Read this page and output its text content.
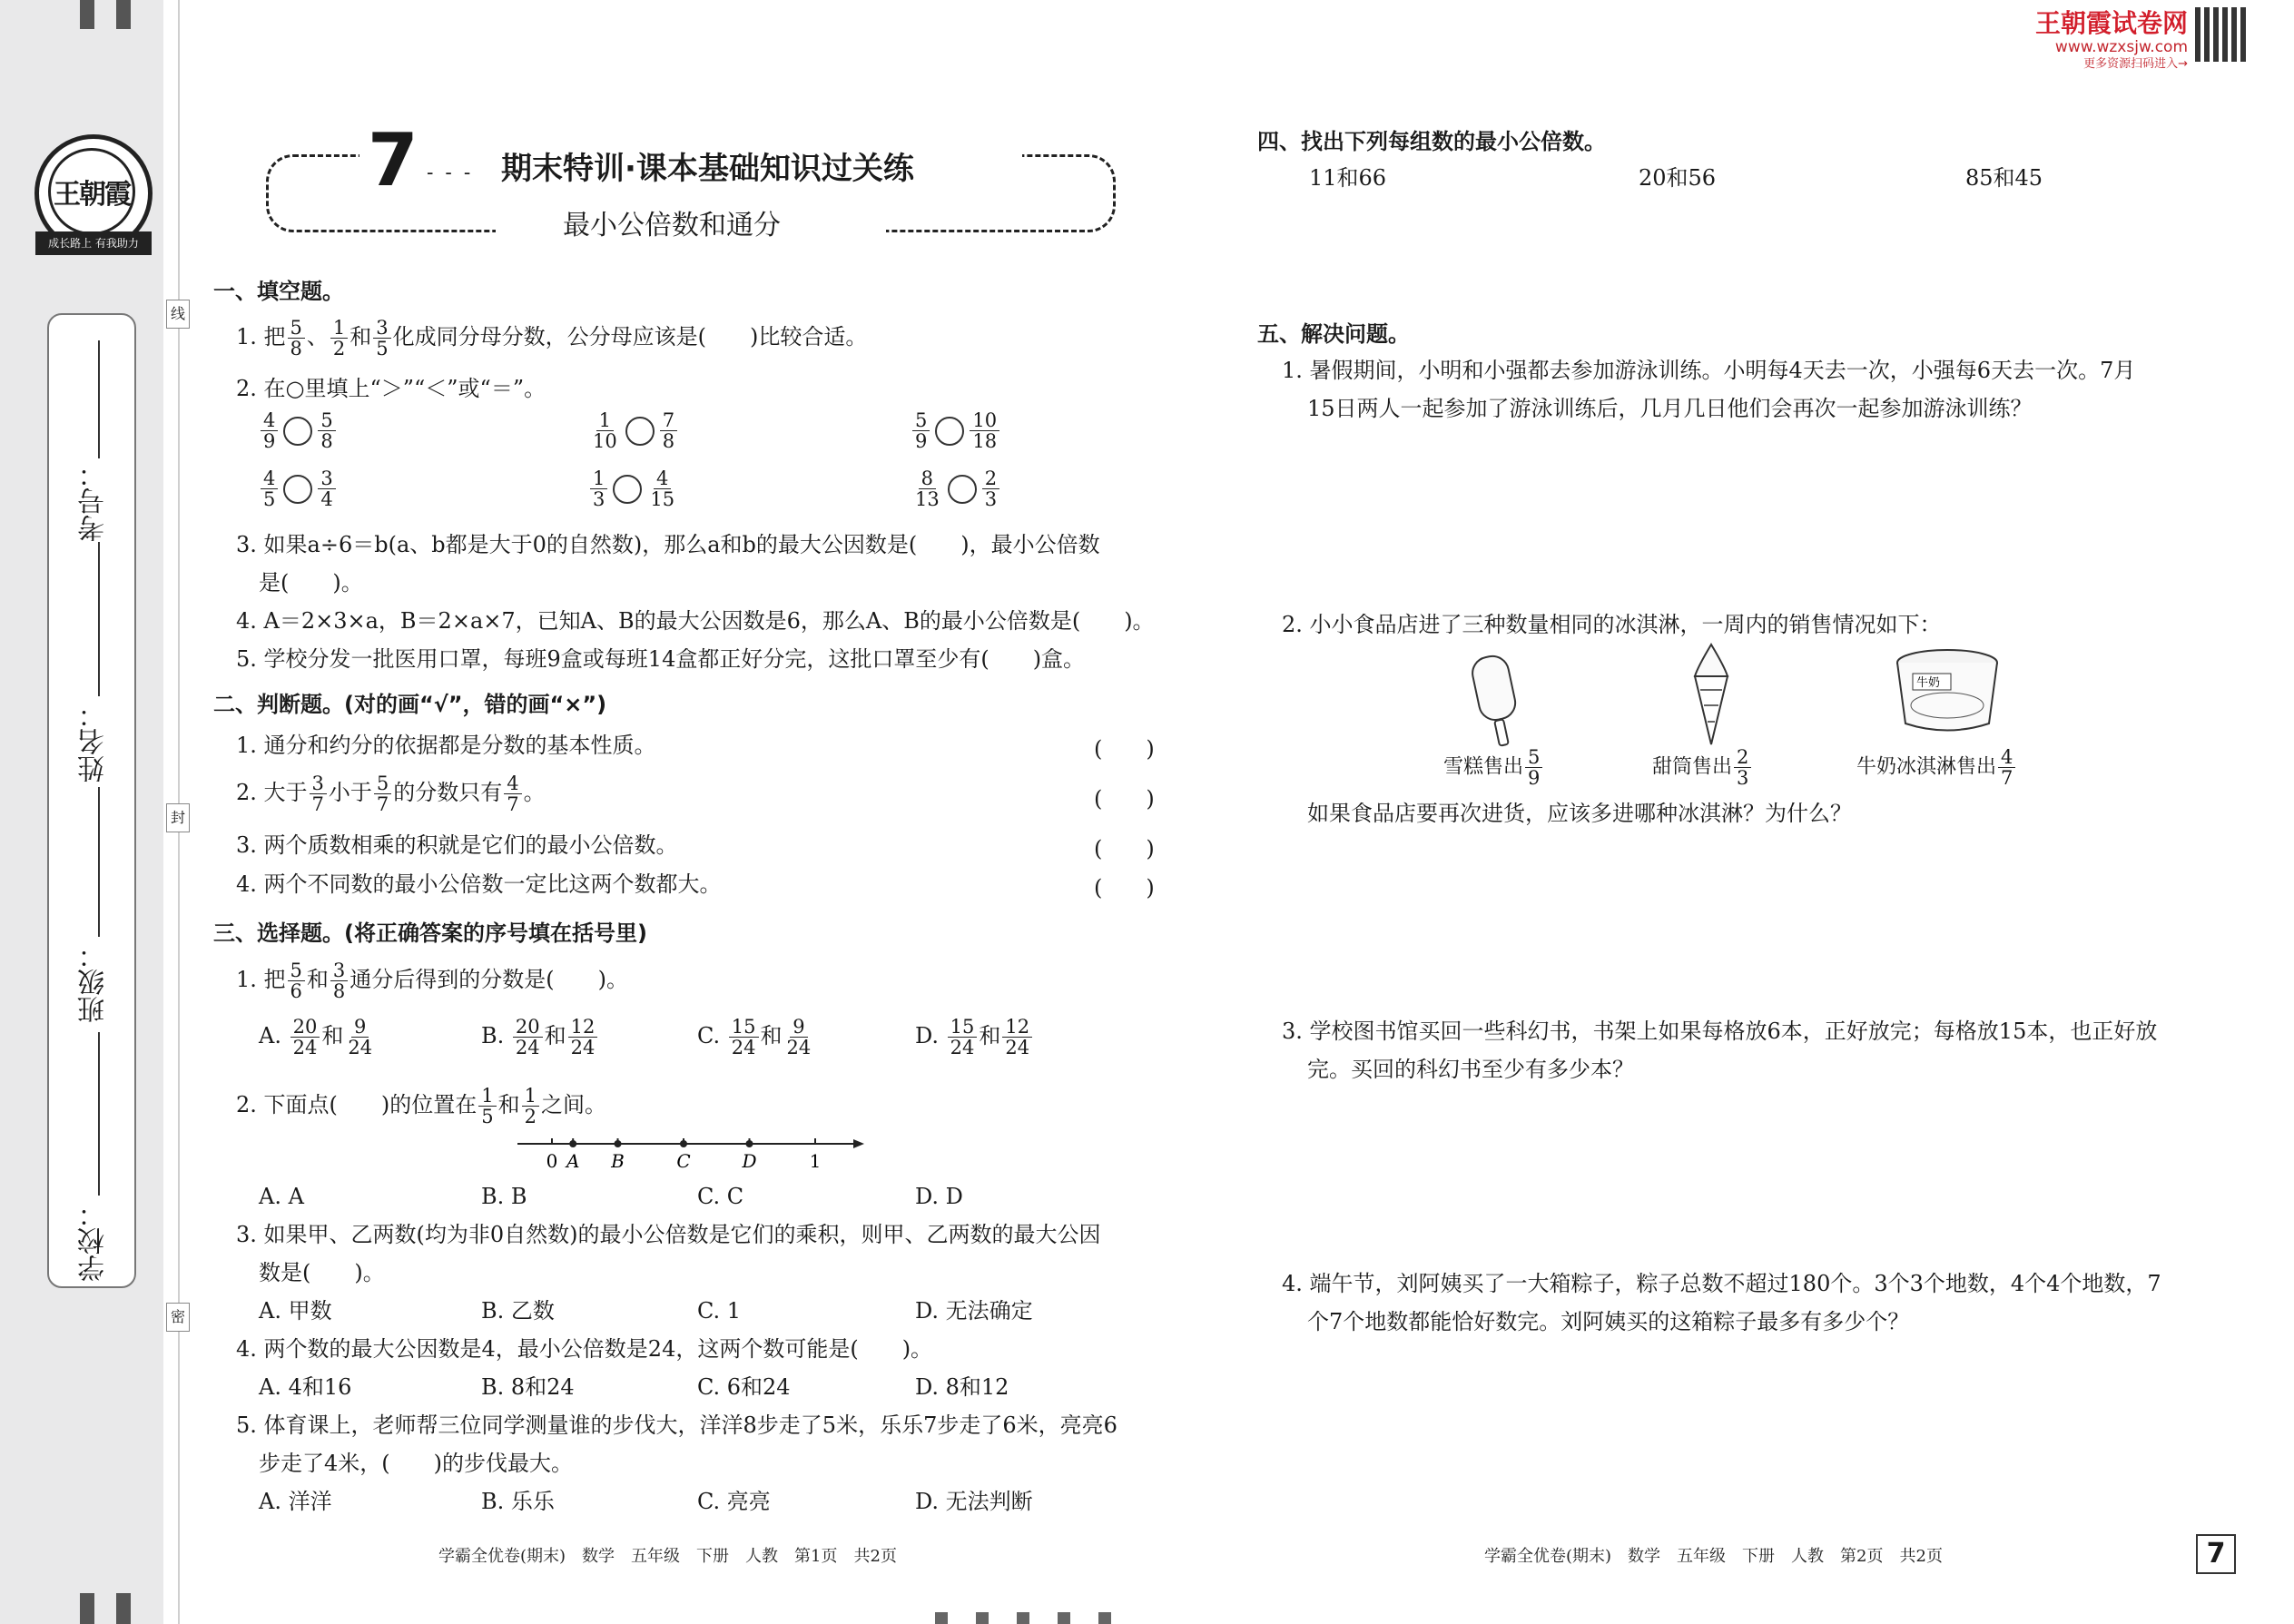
王朝霞
成长路上 有我助力
考号：
姓名：
班级：
学校：
线
封
密
王朝霞试卷网
www.wzxsjw.com
更多资源扫码进入→
7 - - - 期末特训·课本基础知识过关练
最小公倍数和通分
一、填空题。
1. 把 $\frac{5}{8}$ 、 $\frac{1}{2}$ 和 $\frac{3}{5}$ 化成同分母分数，公分母应该是(　　)比较合适。
2. 在○里填上“＞”“＜”或“＝”。
$\frac{4}{9} \frac{5}{8}$	$\frac{1}{10} \frac{7}{8}$	$\frac{5}{9} \frac{10}{18}$
$\frac{4}{5} \frac{3}{4}$	$\frac{1}{3} \frac{4}{15}$	$\frac{8}{13} \frac{2}{3}$
3. 如果a÷6＝b(a、b都是大于0的自然数)，那么a和b的最大公因数是(　　)，最小公倍数
是(　　)。
4. A＝2×3×a，B＝2×a×7，已知A、B的最大公因数是6，那么A、B的最小公倍数是(　　)。
5. 学校分发一批医用口罩，每班9盒或每班14盒都正好分完，这批口罩至少有(　　)盒。
二、判断题。(对的画“√”，错的画“×”)
1. 通分和约分的依据都是分数的基本性质。	(　　)
2. 大于 $\frac{3}{7}$ 小于 $\frac{5}{7}$ 的分数只有 $\frac{4}{7}$ 。	(　　)
3. 两个质数相乘的积就是它们的最小公倍数。	(　　)
4. 两个不同数的最小公倍数一定比这两个数都大。	(　　)
三、选择题。(将正确答案的序号填在括号里)
1. 把 $\frac{5}{6}$ 和 $\frac{3}{8}$ 通分后得到的分数是(　　)。
A. $\frac{20}{24}$ 和 $\frac{9}{24}$	B. $\frac{20}{24}$ 和 $\frac{12}{24}$	C. $\frac{15}{24}$ 和 $\frac{9}{24}$	D. $\frac{15}{24}$ 和 $\frac{12}{24}$
2. 下面点(　　)的位置在 $\frac{1}{5}$ 和 $\frac{1}{2}$ 之间。
0	1
A B	C	D
A. A	B. B	C. C	D. D
3. 如果甲、乙两数(均为非0自然数)的最小公倍数是它们的乘积，则甲、乙两数的最大公因
数是(　　)。
A. 甲数	B. 乙数	C. 1	D. 无法确定
4. 两个数的最大公因数是4，最小公倍数是24，这两个数可能是(　　)。
A. 4和16	B. 8和24	C. 6和24	D. 8和12
5. 体育课上，老师帮三位同学测量谁的步伐大，洋洋8步走了5米，乐乐7步走了6米，亮亮6
步走了4米，(　　)的步伐最大。
A. 洋洋	B. 乐乐	C. 亮亮	D. 无法判断
学霸全优卷(期末)　数学　五年级　下册　人教　第1页　共2页
四、找出下列每组数的最小公倍数。
11和66	20和56	85和45
五、解决问题。
1. 暑假期间，小明和小强都去参加游泳训练。小明每4天去一次，小强每6天去一次。7月
15日两人一起参加了游泳训练后，几月几日他们会再次一起参加游泳训练？
2. 小小食品店进了三种数量相同的冰淇淋，一周内的销售情况如下：
牛奶
雪糕售出 $\frac{5}{9}$	甜筒售出 $\frac{2}{3}$	牛奶冰淇淋售出 $\frac{4}{7}$
如果食品店要再次进货，应该多进哪种冰淇淋？为什么？
3. 学校图书馆买回一些科幻书，书架上如果每格放6本，正好放完；每格放15本，也正好放
完。买回的科幻书至少有多少本？
4. 端午节，刘阿姨买了一大箱粽子，粽子总数不超过180个。3个3个地数，4个4个地数，7
个7个地数都能恰好数完。刘阿姨买的这箱粽子最多有多少个？
学霸全优卷(期末)　数学　五年级　下册　人教　第2页　共2页	7
